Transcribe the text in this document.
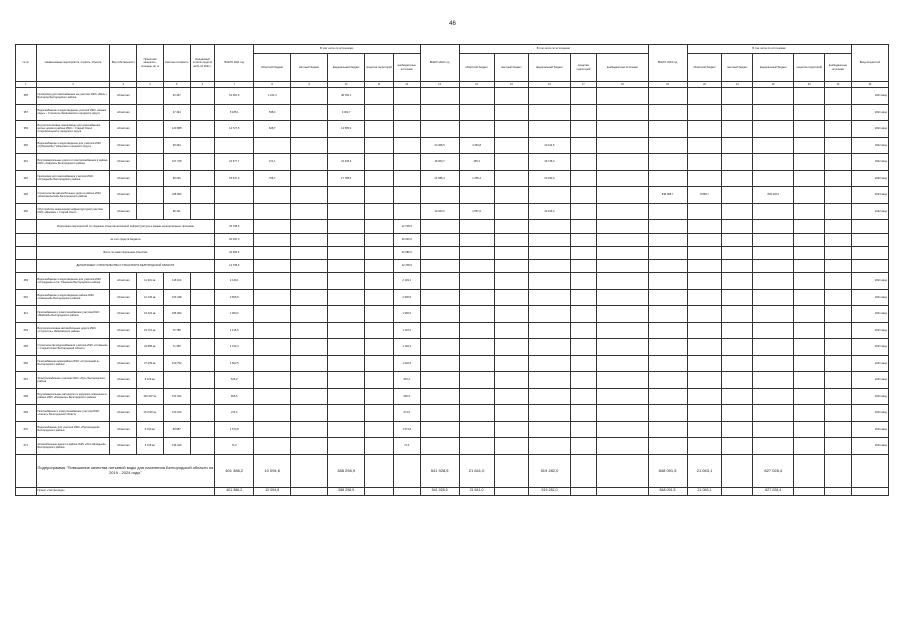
46
№ пп	Наименование мероприятия, отрасль, объекта	Вид собственности	Проектная мощность, площадь, кв. м	Сметная стоимость	Ожидаемый остаток средств на 01.01.2021 г.	ВСЕГО 2021 год	В том числе по источникам:					ВСЕГО 2022 год	В том числе по источникам:					ВСЕГО 2023 год	В том числе по источникам:					Ввод мощностей
							областной бюджет	местный бюджет	федеральный бюджет	средства территорий	внебюджетные источники		областной бюджет	местный бюджет	федеральный бюджет	средства территорий	внебюджетные источники		областной бюджет	местный бюджет	федеральный бюджет	средства территорий	внебюджетные источники	
1	2	3	4	5	6	7	8	9	10	11	12	13	14	15	16	17	18	19	20	21	22	23	24	25
355	Газопровод для газоснабжения на участках ИЖС «Виж» г. Белгород Белгородского района	областная		32 467		51 281,5	1 241,4		48 760,1															2021 ввод
357	Водоснабжение и водоотведение участков ИЖС «Новые сады» г. Строитель Яковлевского городского округа	областная		37 494		5 185,1	538,4		3 332,7															2021 ввод
359	Внутрипоселковые газопроводы для газоснабжения жилых домов в районе ИЖС г. Старый Оскол Старооскольского городского округа	областная		120 888		14 727,5	628,7		13 585,9															2021 ввод
360	Водоснабжение и водоотведение для участков ИЖС «Губкинский» Губкинского городского округа	областная		38 494								24 368,5	3 454,8		20 414,5									2022 ввод
361	Внутриквартальные дороги и электроснабжение в районе ИЖС «Таврово» Белгородского района	областная		107 478		24 677,7	471,1		24 206,6			46 900,7	155,3		46 745,4									2022 ввод
362	Газопровод для газоснабжения участков ИЖС «Отрадный» Белгородского района	областная		98 226		18 547,3	758,7		17 788,6			21 588,4	1 255,4		20 333,0									2022 ввод
365	Строительство автомобильных дорог в районе ИЖС «Комсомольский» Белгородского района	областная		428 950														848 088,7	8 868,7		839 220,0			2023 ввод
366	Обустройство инженерной инфраструктурой участков ИЖС «Ямская» г. Старый Оскол	областная		95 411								42 063,0	1 867,0		40 196,0									2022 ввод
	Реализация мероприятий по созданию объектов жилищной инфраструктуры в рамках муниципальных программ					32 708,9					12 708,9													
	за счет средств бюджета					20 000,0					20 000,0													
	Всего по инвестиционным объектам					42 083,6					32 086,0													
	ДЕПАРТАМЕНТ СТРОИТЕЛЬСТВА И ТРАНСПОРТА БЕЛГОРОДСКОЙ ОБЛАСТИ					12 708,9					12 708,9													
483	Водоснабжение и водоотведение для участков ИЖС «Отрадный» в пос. Разумное Белгородского района	областная	11 301 кв.	118 102		2 149,1					2 149,1													2021 ввод
562	Водоснабжение и водоотведение района ИЖС «Северный» Белгородского района	областная	12 136 кв.	109 448		2 506,5					2 506,5													2021 ввод
611	Газоснабжение и электроснабжение участков ИЖС «Майский» Белгородского района	областная	16 322 кв.	186 093		1 960,0					1 960,0													2021 ввод
653	Внутрипоселковые автомобильные дороги ИЖС «Строитель» Яковлевского района	областная	19 701 кв.	70 788		1 115,5					1 115,5													2021 ввод
655	Строительство водоснабжения участков ИЖС «Славный» г. Старый Оскол Белгородской области	областная	24 685 кв.	71 356		1 192,3					1 192,3													2021 ввод
666	Газоснабжение микрорайона ИЖС «Стрелецкий-1» Белгородского района	областная	27 209 кв.	100 752		1 602,5					1 602,5													2021 ввод
667	Электроснабжение участков ИЖС «Луч» Белгородского района	областная	6 126 кв.			515,2					515,2													2021 ввод
668	Внутриквартальные автодороги и наружное освещение в районе ИЖС «Разумное» Белгородского района	областная	100 307 кв.	573 022		606,5					606,5													2021 ввод
669	Газоснабжение и электроснабжение участков ИЖС «Салют» Белгородской области	областная	174 620 кв.	470 243		274,6					274,6													2021 ввод
670	Водоснабжение для участков ИЖС «Пригородный» Белгородского района	областная	5 010 кв.	58 887		1 574,8					1 574,8													2021 ввод
671	Автомобильные дороги в районе ИЖС «Юго-Западный» Белгородского района	областная	3 135 кв.	136 416		71,0					71,0													2021 ввод
	Подпрограмма "Повышение качества питьевой воды для населения Белгородской области на 2019 - 2024 годы"					401 386,2	10 094,6		388 298,9			541 928,5	21 641,0		519 282,0			848 091,5	21 063,1		827 028,4			
	Проект «Чистая вода»					401 386,2	10 094,6		388 298,9			541 928,5	21 641,0		519 282,0			848 091,5	21 063,1		827 028,4			
